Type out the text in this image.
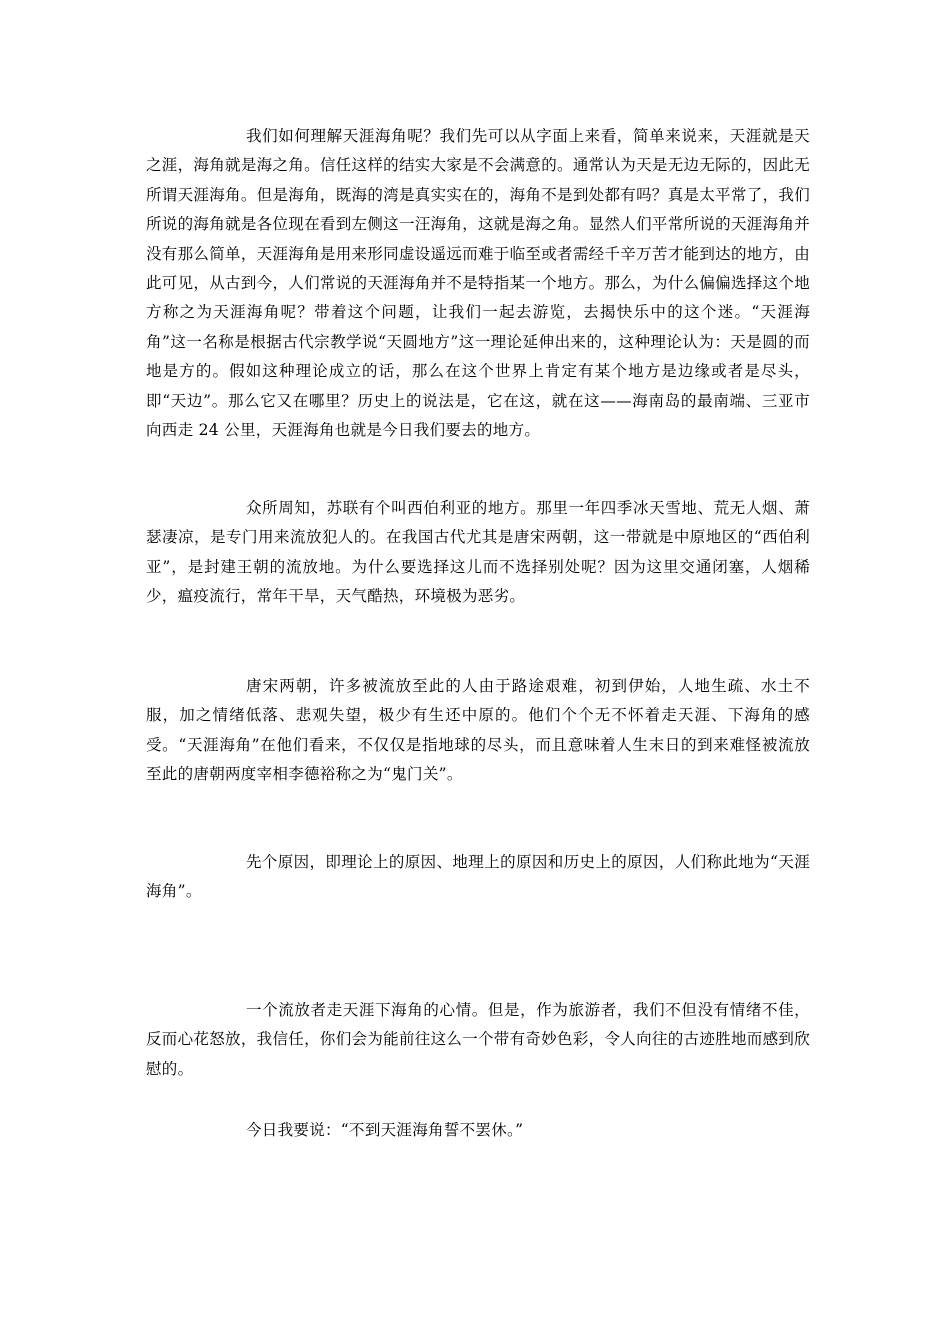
我们如何理解天涯海角呢？我们先可以从字面上来看，简单来说来，天涯就是天之涯，海角就是海之角。信任这样的结实大家是不会满意的。通常认为天是无边无际的，因此无所谓天涯海角。但是海角，既海的湾是真实实在的，海角不是到处都有吗？真是太平常了，我们所说的海角就是各位现在看到左侧这一汪海角，这就是海之角。显然人们平常所说的天涯海角并没有那么简单，天涯海角是用来形同虚设遥远而难于临至或者需经千辛万苦才能到达的地方，由此可见，从古到今，人们常说的天涯海角并不是特指某一个地方。那么，为什么偏偏选择这个地方称之为天涯海角呢？带着这个问题，让我们一起去游览，去揭快乐中的这个迷。“天涯海角”这一名称是根据古代宗教学说“天圆地方”这一理论延伸出来的，这种理论认为：天是圆的而地是方的。假如这种理论成立的话，那么在这个世界上肯定有某个地方是边缘或者是尽头，即“天边”。那么它又在哪里？历史上的说法是，它在这，就在这——海南岛的最南端、三亚市向西走 24 公里，天涯海角也就是今日我们要去的地方。

众所周知，苏联有个叫西伯利亚的地方。那里一年四季冰天雪地、荒无人烟、萧瑟凄凉，是专门用来流放犯人的。在我国古代尤其是唐宋两朝，这一带就是中原地区的“西伯利亚”，是封建王朝的流放地。为什么要选择这儿而不选择别处呢？因为这里交通闭塞，人烟稀少，瘟疫流行，常年干旱，天气酷热，环境极为恶劣。

唐宋两朝，许多被流放至此的人由于路途艰难，初到伊始，人地生疏、水土不服，加之情绪低落、悲观失望，极少有生还中原的。他们个个无不怀着走天涯、下海角的感受。“天涯海角”在他们看来，不仅仅是指地球的尽头，而且意味着人生末日的到来难怪被流放至此的唐朝两度宰相李德裕称之为“鬼门关”。

先个原因，即理论上的原因、地理上的原因和历史上的原因，人们称此地为“天涯海角”。

一个流放者走天涯下海角的心情。但是，作为旅游者，我们不但没有情绪不佳，反而心花怒放，我信任，你们会为能前往这么一个带有奇妙色彩，令人向往的古迹胜地而感到欣慰的。

今日我要说：“不到天涯海角誓不罢休。”
